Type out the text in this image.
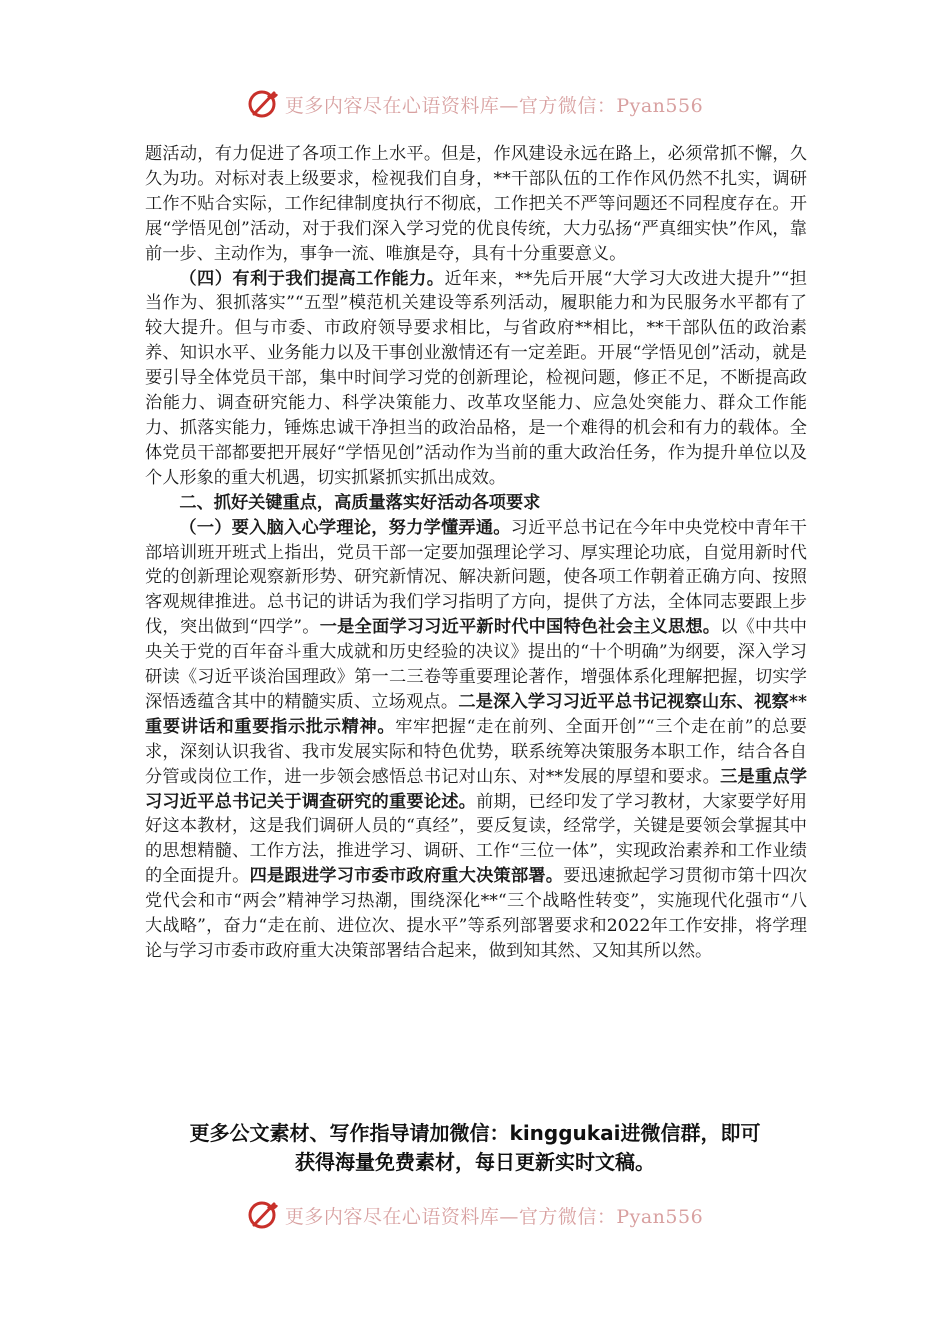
更多内容尽在心语资料库—官方微信：Pyan556

题活动，有力促进了各项工作上水平。但是，作风建设永远在路上，必须常抓不懈，久久为功。对标对表上级要求，检视我们自身，**干部队伍的工作作风仍然不扎实，调研工作不贴合实际，工作纪律制度执行不彻底，工作把关不严等问题还不同程度存在。开展“学悟见创”活动，对于我们深入学习党的优良传统，大力弘扬“严真细实快”作风，靠前一步、主动作为，事争一流、唯旗是夺，具有十分重要意义。

（四）有利于我们提高工作能力。近年来，**先后开展“大学习大改进大提升”“担当作为、狠抓落实”“五型”模范机关建设等系列活动，履职能力和为民服务水平都有了较大提升。但与市委、市政府领导要求相比，与省政府**相比，**干部队伍的政治素养、知识水平、业务能力以及干事创业激情还有一定差距。开展“学悟见创”活动，就是要引导全体党员干部，集中时间学习党的创新理论，检视问题，修正不足，不断提高政治能力、调查研究能力、科学决策能力、改革攻坚能力、应急处突能力、群众工作能力、抓落实能力，锤炼忠诚干净担当的政治品格，是一个难得的机会和有力的载体。全体党员干部都要把开展好“学悟见创”活动作为当前的重大政治任务，作为提升单位以及个人形象的重大机遇，切实抓紧抓实抓出成效。

二、抓好关键重点，高质量落实好活动各项要求

（一）要入脑入心学理论，努力学懂弄通。习近平总书记在今年中央党校中青年干部培训班开班式上指出，党员干部一定要加强理论学习、厚实理论功底，自觉用新时代党的创新理论观察新形势、研究新情况、解决新问题，使各项工作朝着正确方向、按照客观规律推进。总书记的讲话为我们学习指明了方向，提供了方法，全体同志要跟上步伐，突出做到“四学”。一是全面学习习近平新时代中国特色社会主义思想。以《中共中央关于党的百年奋斗重大成就和历史经验的决议》提出的“十个明确”为纲要，深入学习研读《习近平谈治国理政》第一二三卷等重要理论著作，增强体系化理解把握，切实学深悟透蕴含其中的精髓实质、立场观点。二是深入学习习近平总书记视察山东、视察**重要讲话和重要指示批示精神。牢牢把握“走在前列、全面开创”“三个走在前”的总要求，深刻认识我省、我市发展实际和特色优势，联系统筹决策服务本职工作，结合各自分管或岗位工作，进一步领会感悟总书记对山东、对**发展的厚望和要求。三是重点学习习近平总书记关于调查研究的重要论述。前期，已经印发了学习教材，大家要学好用好这本教材，这是我们调研人员的“真经”，要反复读，经常学，关键是要领会掌握其中的思想精髓、工作方法，推进学习、调研、工作“三位一体”，实现政治素养和工作业绩的全面提升。四是跟进学习市委市政府重大决策部署。要迅速掀起学习贯彻市第十四次党代会和市“两会”精神学习热潮，围绕深化**“三个战略性转变”，实施现代化强市“八大战略”，奋力“走在前、进位次、提水平”等系列部署要求和2022年工作安排，将学理论与学习市委市政府重大决策部署结合起来，做到知其然、又知其所以然。

更多公文素材、写作指导请加微信：kinggukai进微信群，即可

获得海量免费素材，每日更新实时文稿。

更多内容尽在心语资料库—官方微信：Pyan556
